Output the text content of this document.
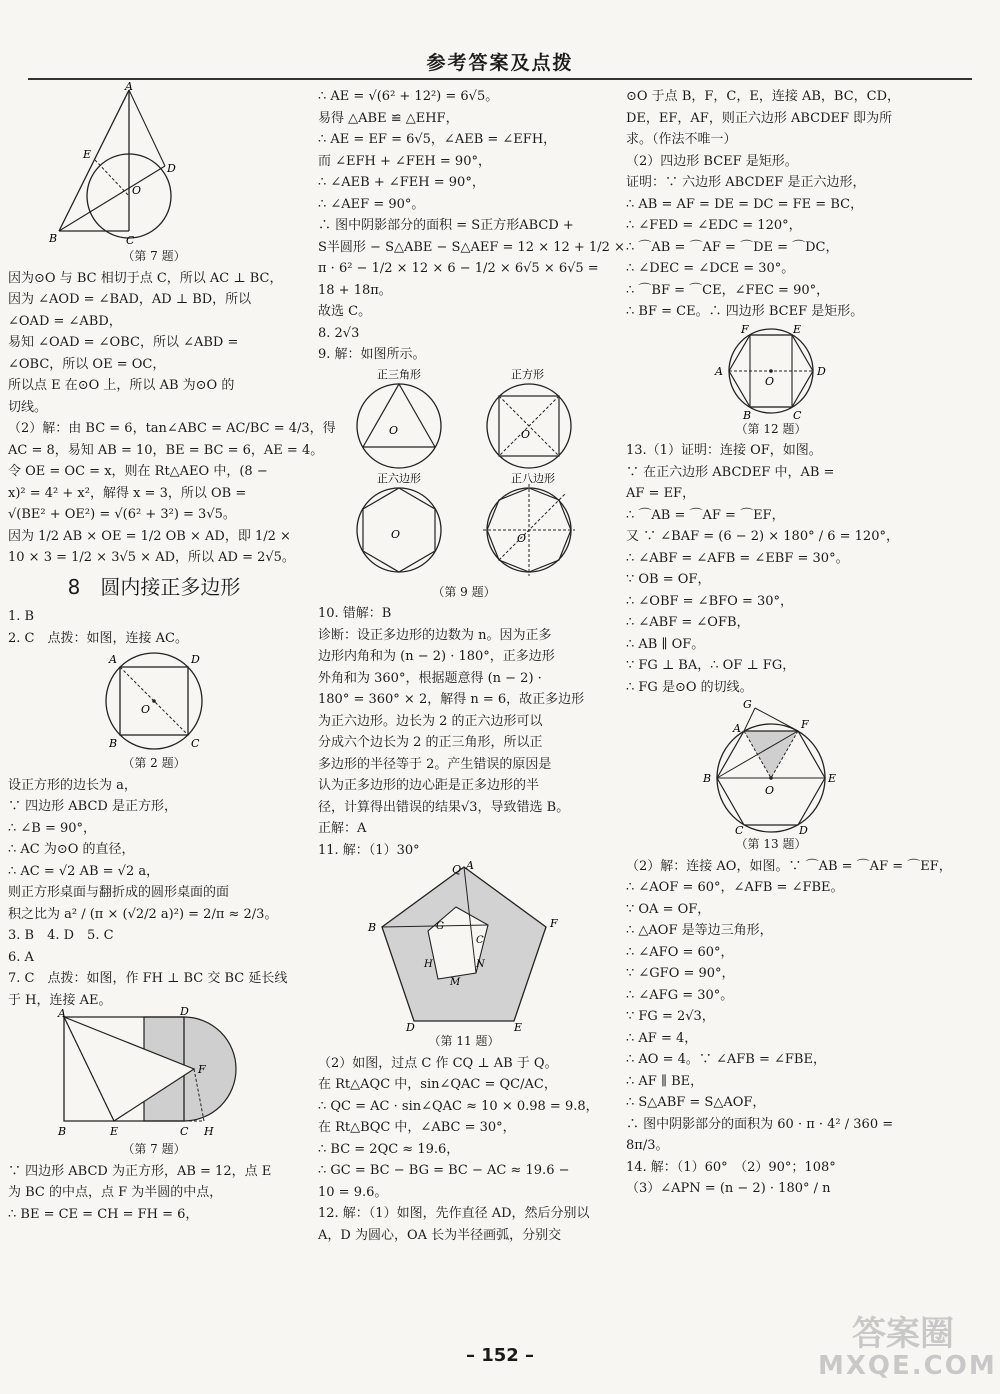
参考答案及点拨
A
E
D
O
B	C
（第 7 题）
因为⊙O 与 BC 相切于点 C，所以 AC ⊥ BC，
因为 ∠AOD = ∠BAD，AD ⊥ BD，所以
∠OAD = ∠ABD，
易知 ∠OAD = ∠OBC，所以 ∠ABD =
∠OBC，所以 OE = OC，
所以点 E 在⊙O 上，所以 AB 为⊙O 的
切线。
（2）解：由 BC = 6，tan∠ABC = AC/BC = 4/3，得
AC = 8，易知 AB = 10，BE = BC = 6，AE = 4。
令 OE = OC = x，则在 Rt△AEO 中，(8 −
x)² = 4² + x²，解得 x = 3，所以 OB =
√(BE² + OE²) = √(6² + 3²) = 3√5。
因为 1/2 AB × OE = 1/2 OB × AD，即 1/2 ×
10 × 3 = 1/2 × 3√5 × AD，所以 AD = 2√5。
8　圆内接正多边形
1. B
2. C　点拨：如图，连接 AC。
A	D
B	C
O
（第 2 题）
设正方形的边长为 a，
∵ 四边形 ABCD 是正方形，
∴ ∠B = 90°，
∴ AC 为⊙O 的直径，
∴ AC = √2 AB = √2 a，
则正方形桌面与翻折成的圆形桌面的面
积之比为 a² / (π × (√2/2 a)²) = 2/π ≈ 2/3。
3. B　4. D　5. C
6. A
7. C　点拨：如图，作 FH ⊥ BC 交 BC 延长线
于 H，连接 AE。
A	D
F
B	E	C H
（第 7 题）
∵ 四边形 ABCD 为正方形，AB = 12，点 E
为 BC 的中点，点 F 为半圆的中点，
∴ BE = CE = CH = FH = 6，
∴ AE = √(6² + 12²) = 6√5。
易得 △ABE ≌ △EHF，
∴ AE = EF = 6√5，∠AEB = ∠EFH，
而 ∠EFH + ∠FEH = 90°，
∴ ∠AEB + ∠FEH = 90°，
∴ ∠AEF = 90°。
∴ 图中阴影部分的面积 = S正方形ABCD +
S半圆形 − S△ABE − S△AEF = 12 × 12 + 1/2 ×
π · 6² − 1/2 × 12 × 6 − 1/2 × 6√5 × 6√5 =
18 + 18π。
故选 C。
8. 2√3
9. 解：如图所示。
正三角形	正方形
O	O
正六边形	正八边形
O	O
（第 9 题）
10. 错解：B
诊断：设正多边形的边数为 n。因为正多
边形内角和为 (n − 2) · 180°，正多边形
外角和为 360°，根据题意得 (n − 2) ·
180° = 360° × 2，解得 n = 6，故正多边形
为正六边形。边长为 2 的正六边形可以
分成六个边长为 2 的正三角形，所以正
多边形的半径等于 2。产生错误的原因是
认为正多边形的边心距是正多边形的半
径，计算得出错误的结果√3，导致错选 B。
正解：A
11. 解：（1）30°
Q A
F
B	G
C
H	N
M
D	E
（第 11 题）
（2）如图，过点 C 作 CQ ⊥ AB 于 Q。
在 Rt△AQC 中，sin∠QAC = QC/AC，
∴ QC = AC · sin∠QAC ≈ 10 × 0.98 = 9.8，
在 Rt△BQC 中，∠ABC = 30°，
∴ BC = 2QC ≈ 19.6，
∴ GC = BC − BG = BC − AC ≈ 19.6 −
10 = 9.6。
12. 解：（1）如图，先作直径 AD，然后分别以
A，D 为圆心，OA 长为半径画弧，分别交
⊙O 于点 B，F，C，E，连接 AB，BC，CD，
DE，EF，AF，则正六边形 ABCDEF 即为所
求。（作法不唯一）
（2）四边形 BCEF 是矩形。
证明：∵ 六边形 ABCDEF 是正六边形，
∴ AB = AF = DE = DC = FE = BC，
∴ ∠FED = ∠EDC = 120°，
∴ ⌒AB = ⌒AF = ⌒DE = ⌒DC，
∴ ∠DEC = ∠DCE = 30°。
∴ ⌒BF = ⌒CE，∠FEC = 90°，
∴ BF = CE。∴ 四边形 BCEF 是矩形。
F	E
A	D
O
B	C
（第 12 题）
13.（1）证明：连接 OF，如图。
∵ 在正六边形 ABCDEF 中，AB =
AF = EF，
∴ ⌒AB = ⌒AF = ⌒EF，
又 ∵ ∠BAF = (6 − 2) × 180° / 6 = 120°，
∴ ∠ABF = ∠AFB = ∠EBF = 30°。
∵ OB = OF，
∴ ∠OBF = ∠BFO = 30°，
∴ ∠ABF = ∠OFB，
∴ AB ∥ OF。
∵ FG ⊥ BA，∴ OF ⊥ FG，
∴ FG 是⊙O 的切线。
G
A	F
B	E
O
C	D
（第 13 题）
（2）解：连接 AO，如图。∵ ⌒AB = ⌒AF = ⌒EF，
∴ ∠AOF = 60°，∠AFB = ∠FBE。
∵ OA = OF，
∴ △AOF 是等边三角形，
∴ ∠AFO = 60°，
∵ ∠GFO = 90°，
∴ ∠AFG = 30°。
∵ FG = 2√3，
∴ AF = 4，
∴ AO = 4。∵ ∠AFB = ∠FBE，
∴ AF ∥ BE，
∴ S△ABF = S△AOF，
∴ 图中阴影部分的面积为 60 · π · 4² / 360 =
8π/3。
14. 解：（1）60°　（2）90°；108°
（3）∠APN = (n − 2) · 180° / n
– 152 –
答案圈
MXQE.COM
